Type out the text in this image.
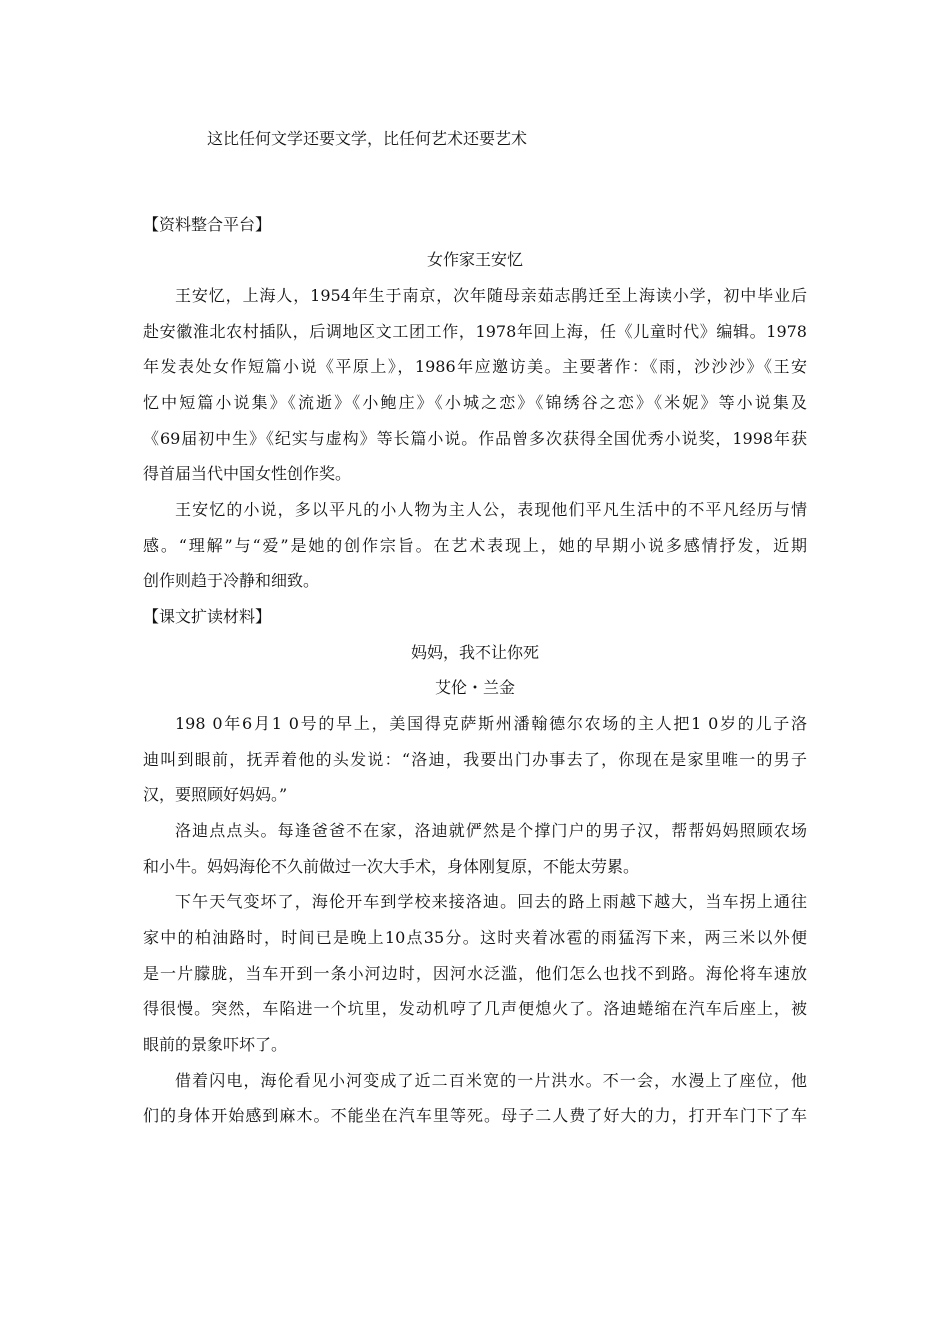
这比任何文学还要文学，比任何艺术还要艺术
【资料整合平台】
女作家王安忆
王安忆，上海人，1954年生于南京，次年随母亲茹志鹃迁至上海读小学，初中毕业后
赴安徽淮北农村插队，后调地区文工团工作，1978年回上海，任《儿童时代》编辑。1978
年发表处女作短篇小说《平原上》，1986年应邀访美。主要著作：《雨，沙沙沙》《王安
忆中短篇小说集》《流逝》《小鲍庄》《小城之恋》《锦绣谷之恋》《米妮》等小说集及
《69届初中生》《纪实与虚构》等长篇小说。作品曾多次获得全国优秀小说奖，1998年获
得首届当代中国女性创作奖。
王安忆的小说，多以平凡的小人物为主人公，表现他们平凡生活中的不平凡经历与情
感。“理解”与“爱”是她的创作宗旨。在艺术表现上，她的早期小说多感情抒发，近期
创作则趋于冷静和细致。
【课文扩读材料】
妈妈，我不让你死
艾伦・兰金
198 0年6月1 0号的早上，美国得克萨斯州潘翰德尔农场的主人把1 0岁的儿子洛
迪叫到眼前，抚弄着他的头发说：“洛迪，我要出门办事去了，你现在是家里唯一的男子
汉，要照顾好妈妈。”
洛迪点点头。每逢爸爸不在家，洛迪就俨然是个撑门户的男子汉，帮帮妈妈照顾农场
和小牛。妈妈海伦不久前做过一次大手术，身体刚复原，不能太劳累。
下午天气变坏了，海伦开车到学校来接洛迪。回去的路上雨越下越大，当车拐上通往
家中的柏油路时，时间已是晚上10点35分。这时夹着冰雹的雨猛泻下来，两三米以外便
是一片朦胧，当车开到一条小河边时，因河水泛滥，他们怎么也找不到路。海伦将车速放
得很慢。突然，车陷进一个坑里，发动机哼了几声便熄火了。洛迪蜷缩在汽车后座上，被
眼前的景象吓坏了。
借着闪电，海伦看见小河变成了近二百米宽的一片洪水。不一会，水漫上了座位，他
们的身体开始感到麻木。不能坐在汽车里等死。母子二人费了好大的力，打开车门下了车
